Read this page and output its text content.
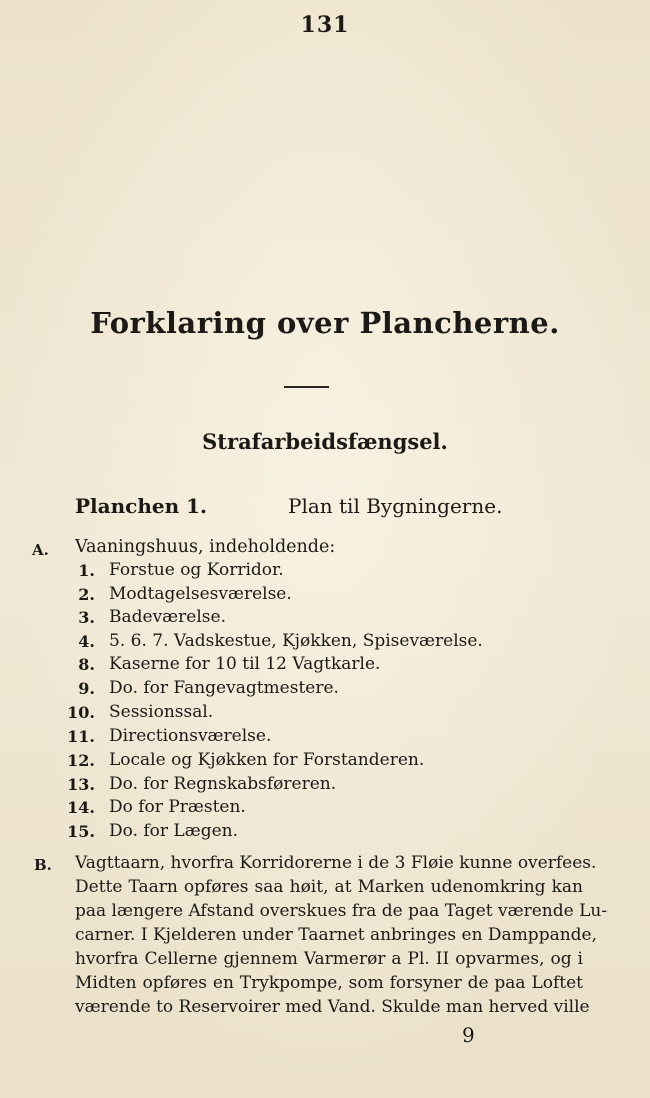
131
Forklaring over Plancherne.
Strafarbeidsfængsel.
Planchen 1.	Plan til Bygningerne.
A. Vaaningshuus, indeholdende:
1. Forstue og Korridor.
2. Modtagelsesværelse.
3. Badeværelse.
4. 5. 6. 7. Vadskestue, Kjøkken, Spiseværelse.
8. Kaserne for 10 til 12 Vagtkarle.
9. Do. for Fangevagtmestere.
10. Sessionssal.
11. Directionsværelse.
12. Locale og Kjøkken for Forstanderen.
13. Do. for Regnskabsføreren.
14. Do for Præsten.
15. Do. for Lægen.
B. Vagttaarn, hvorfra Korridorerne i de 3 Fløie kunne overfees.
Dette Taarn opføres saa høit, at Marken udenomkring kan
paa længere Afstand overskues fra de paa Taget værende Lu-
carner. I Kjelderen under Taarnet anbringes en Damppande,
hvorfra Cellerne gjennem Varmerør a Pl. II opvarmes, og i
Midten opføres en Trykpompe, som forsyner de paa Loftet
værende to Reservoirer med Vand. Skulde man herved ville
9
